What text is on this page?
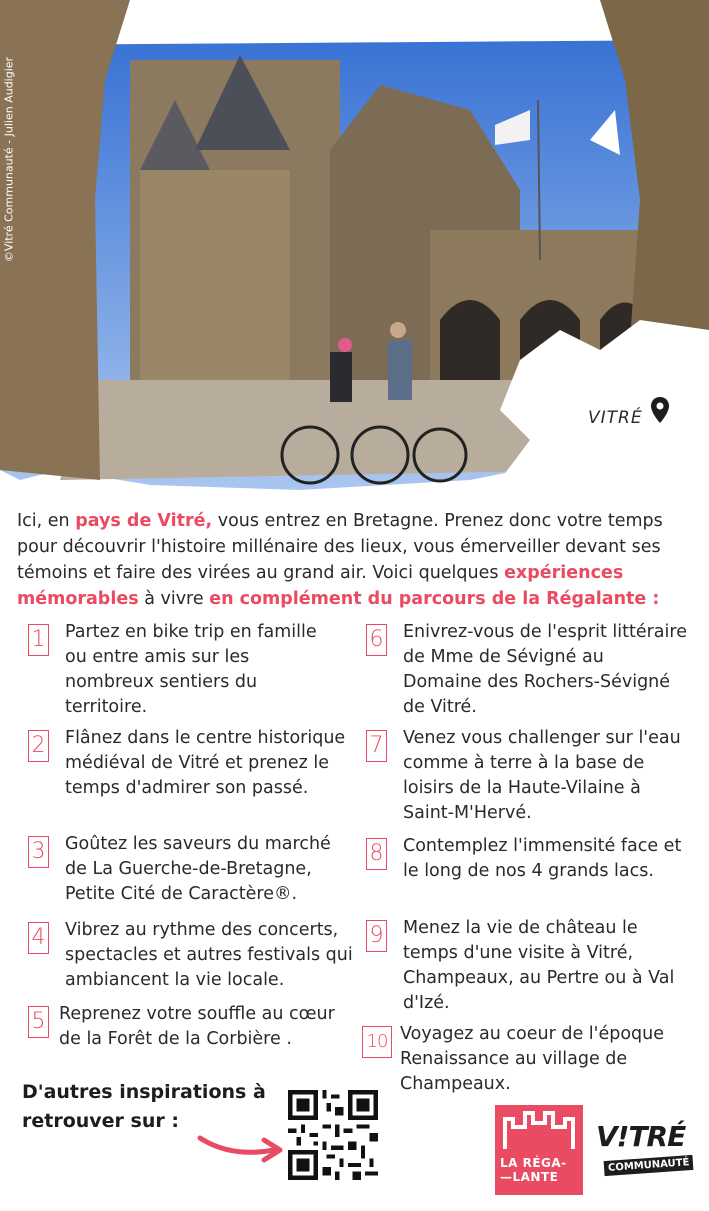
©Vitré Communauté - Julien Audigier
VITRÉ
Ici, en pays de Vitré, vous entrez en Bretagne. Prenez donc votre temps pour découvrir l'histoire millénaire des lieux, vous émerveiller devant ses témoins et faire des virées au grand air. Voici quelques expériences mémorables à vivre en complément du parcours de la Régalante :
1 Partez en bike trip en famille ou entre amis sur les nombreux sentiers du territoire.
2 Flânez dans le centre historique médiéval de Vitré et prenez le temps d'admirer son passé.
3 Goûtez les saveurs du marché de La Guerche-de-Bretagne, Petite Cité de Caractère®.
4 Vibrez au rythme des concerts, spectacles et autres festivals qui ambiancent la vie locale.
5 Reprenez votre souffle au cœur de la Forêt de la Corbière .
6 Enivrez-vous de l'esprit littéraire de Mme de Sévigné au Domaine des Rochers-Sévigné de Vitré.
7 Venez vous challenger sur l'eau comme à terre à la base de loisirs de la Haute-Vilaine à Saint-M'Hervé.
8 Contemplez l'immensité face et le long de nos 4 grands lacs.
9 Menez la vie de château le temps d'une visite à Vitré, Champeaux, au Pertre ou à Val d'Izé.
10 Voyagez au coeur de l'époque Renaissance au village de Champeaux.
D'autres inspirations à retrouver sur :
LA RÉGA-
—LANTE
V!TRÉ
COMMUNAUTÉ
